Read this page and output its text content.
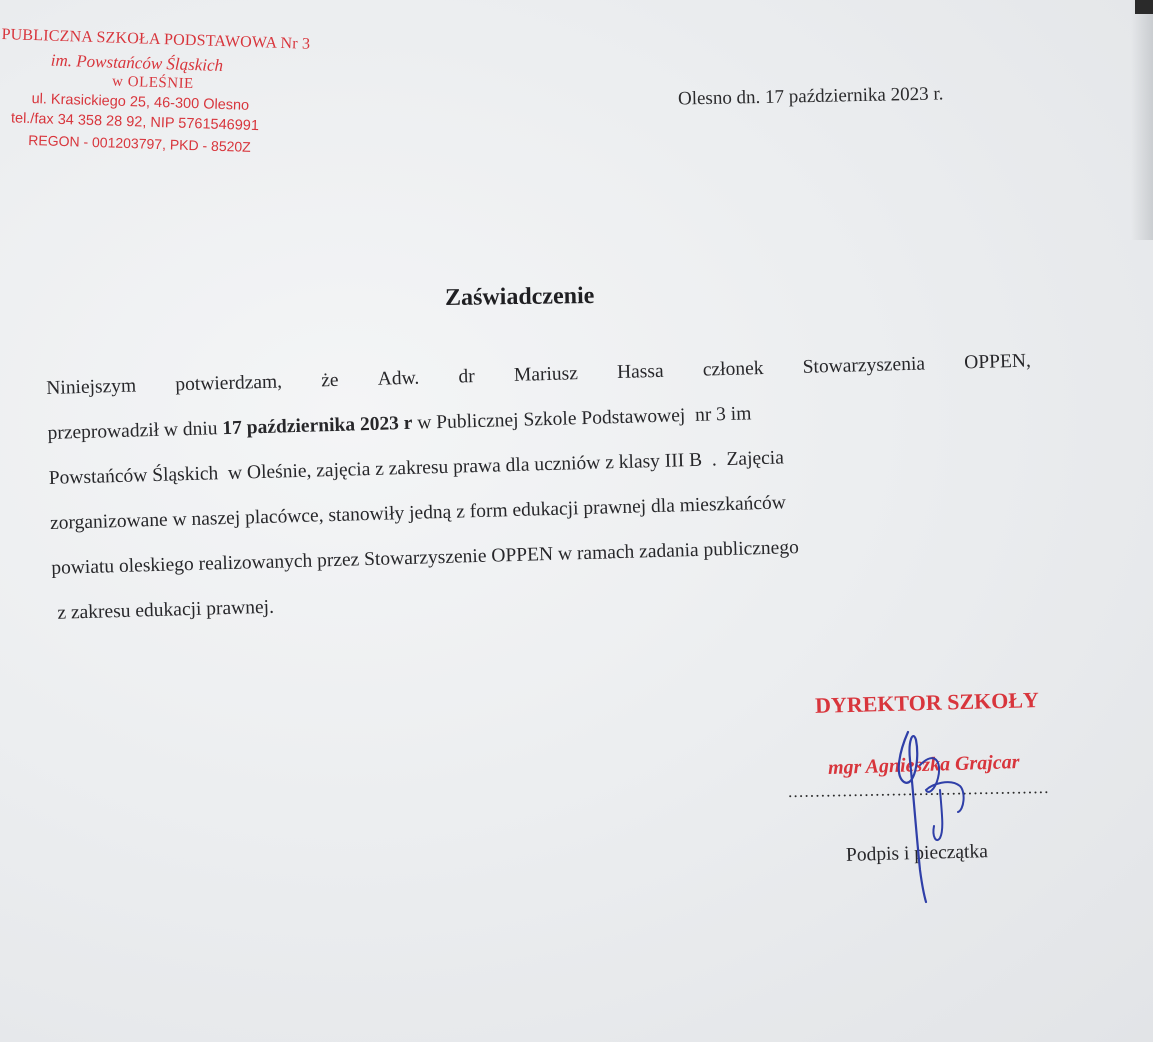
PUBLICZNA SZKOŁA PODSTAWOWA Nr 3
im. Powstańców Śląskich
w OLEŚNIE
ul. Krasickiego 25, 46-300 Olesno
tel./fax 34 358 28 92, NIP 5761546991
REGON - 001203797, PKD - 8520Z
Olesno dn. 17 października 2023 r.
Zaświadczenie
Niniejszym potwierdzam, że Adw. dr Mariusz Hassa członek Stowarzyszenia OPPEN,
przeprowadził w dniu 17 października 2023 r w Publicznej Szkole Podstawowej  nr 3 im
Powstańców Śląskich  w Oleśnie, zajęcia z zakresu prawa dla uczniów z klasy III B  .  Zajęcia
zorganizowane w naszej placówce, stanowiły jedną z form edukacji prawnej dla mieszkańców
powiatu oleskiego realizowanych przez Stowarzyszenie OPPEN w ramach zadania publicznego
z zakresu edukacji prawnej.
DYREKTOR SZKOŁY
mgr Agnieszka Grajcar
................................................
Podpis i pieczątka
